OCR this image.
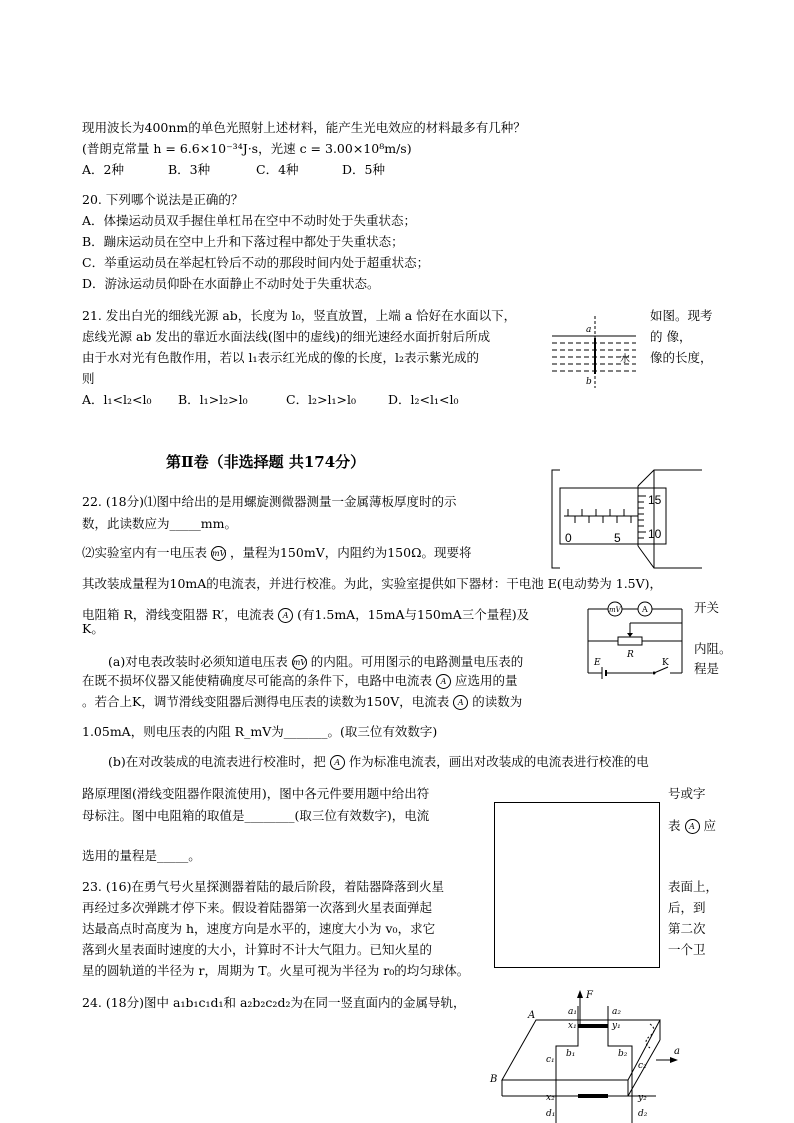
现用波长为400nm的单色光照射上述材料，能产生光电效应的材料最多有几种？
(普朗克常量 h = 6.6×10⁻³⁴J·s，光速 c = 3.00×10⁸m/s)
A．2种	B．3种	C．4种	D．5种
20. 下列哪个说法是正确的？
A．体操运动员双手握住单杠吊在空中不动时处于失重状态；
B．蹦床运动员在空中上升和下落过程中都处于失重状态；
C．举重运动员在举起杠铃后不动的那段时间内处于超重状态；
D．游泳运动员仰卧在水面静止不动时处于失重状态。
21. 发出白光的细线光源 ab，长度为 l₀，竖直放置，上端 a 恰好在水面以下，	如图。现考
虑线光源 ab 发出的靠近水面法线(图中的虚线)的细光速经水面折射后所成	的 像，
由于水对光有色散作用，若以 l₁表示红光成的像的长度，l₂表示紫光成的	像的长度，
则
a
水
b
A．l₁<l₂<l₀ B．l₁>l₂>l₀	C．l₂>l₁>l₀	D．l₂<l₁<l₀
第Ⅱ卷（非选择题 共174分）
22. (18分)⑴图中给出的是用螺旋测微器测量一金属薄板厚度时的示
数，此读数应为_____mm。
15
10
0	5
⑵实验室内有一电压表 mV ，量程为150mV，内阻约为150Ω。现要将
其改装成量程为10mA的电流表，并进行校准。为此，实验室提供如下器材：干电池 E(电动势为 1.5V)，
电阻箱 R，滑线变阻器 R′，电流表 A (有1.5mA，15mA与150mA三个量程)及	开关
K。
mV	A
R
E	K
内阻。
程是
(a)对电表改装时必须知道电压表 mV 的内阻。可用图示的电路测量电压表的
在既不损坏仪器又能使精确度尽可能高的条件下，电路中电流表 A 应选用的量
。若合上K，调节滑线变阻器后测得电压表的读数为150V，电流表 A 的读数为
1.05mA，则电压表的内阻 R_mV为_______。(取三位有效数字)
(b)在对改装成的电流表进行校准时，把 A 作为标准电流表，画出对改装成的电流表进行校准的电
路原理图(滑线变阻器作限流使用)，图中各元件要用题中给出符	号或字
母标注。图中电阻箱的取值是________(取三位有效数字)，电流
表 A 应
选用的量程是_____。
23. (16)在勇气号火星探测器着陆的最后阶段，着陆器降落到火星	表面上，
再经过多次弹跳才停下来。假设着陆器第一次落到火星表面弹起	后，到
达最高点时高度为 h，速度方向是水平的，速度大小为 v₀，求它	第二次
落到火星表面时速度的大小，计算时不计大气阻力。已知火星的	一个卫
星的圆轨道的半径为 r，周期为 T。火星可视为半径为 r₀的均匀球体。
24. (18分)图中 a₁b₁c₁d₁和 a₂b₂c₂d₂为在同一竖直面内的金属导轨，	F
a
a₁	a₂
A
x₁	y₁
c₁
b₁	b₂
c₂
B
x₂	y₂
d₁	d₂
